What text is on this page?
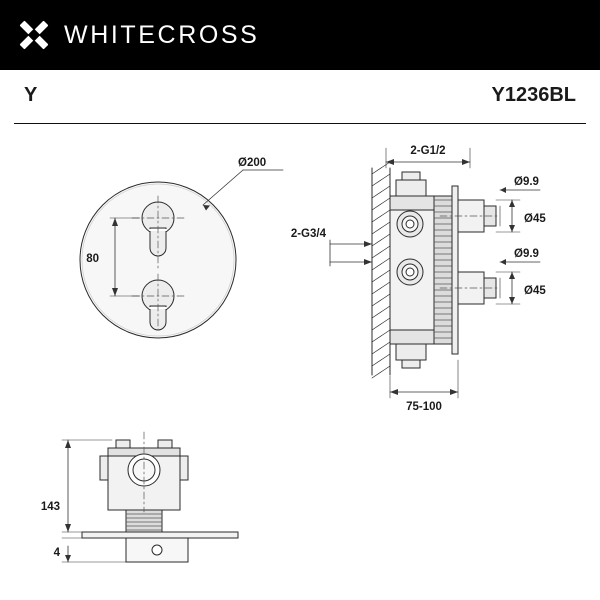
WHITECROSS
Y	Y1236BL
Ø200
80
2-G1/2
2-G3/4
Ø9.9
Ø45
Ø9.9
Ø45
75-100
143
4
